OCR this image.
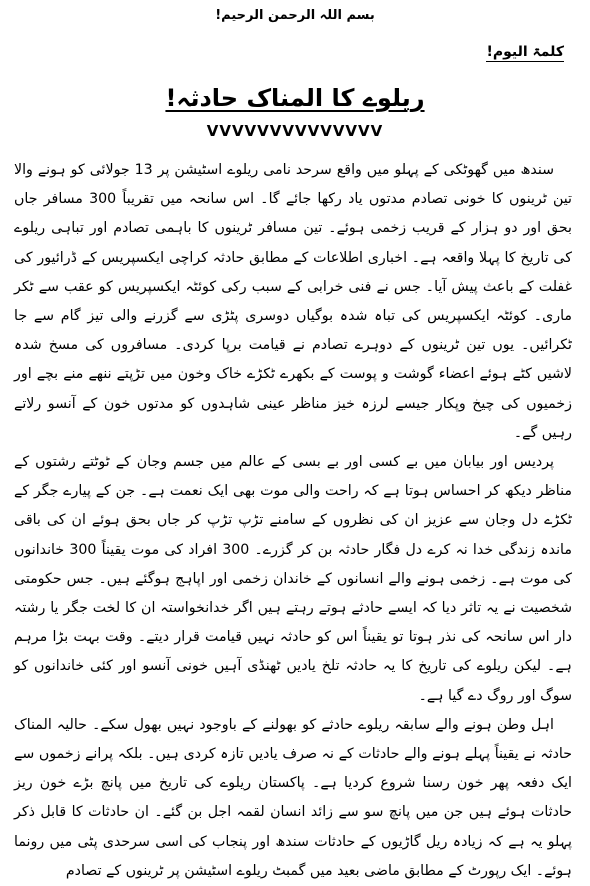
بسم اللہ الرحمن الرحیم!
کلمۃ الیوم!
ریلوے کا المناک حادثہ!
VVVVVVVVVVVVVV

سندھ میں گھوٹکی کے پہلو میں واقع سرحد نامی ریلوے اسٹیشن پر 13 جولائی کو ہونے والا تین ٹرینوں کا خونی تصادم مدتوں یاد رکھا جائے گا۔ اس سانحہ میں تقریباً 300 مسافر جاں بحق اور دو ہزار کے قریب زخمی ہوئے۔ تین مسافر ٹرینوں کا باہمی تصادم اور تباہی ریلوے کی تاریخ کا پہلا واقعہ ہے۔ اخباری اطلاعات کے مطابق حادثہ کراچی ایکسپریس کے ڈرائیور کی غفلت کے باعث پیش آیا۔ جس نے فنی خرابی کے سبب رکی کوئٹہ ایکسپریس کو عقب سے ٹکر ماری۔ کوئٹہ ایکسپریس کی تباہ شدہ بوگیاں دوسری پٹڑی سے گزرنے والی تیز گام سے جا ٹکرائیں۔ یوں تین ٹرینوں کے دوہرے تصادم نے قیامت برپا کردی۔ مسافروں کی مسخ شدہ لاشیں کٹے ہوئے اعضاء گوشت و پوست کے بکھرے ٹکڑے خاک وخون میں تڑپتے ننھے منے بچے اور زخمیوں کی چیخ وپکار جیسے لرزہ خیز مناظر عینی شاہدوں کو مدتوں خون کے آنسو رلاتے رہیں گے۔

پردیس اور بیابان میں بے کسی اور بے بسی کے عالم میں جسم وجان کے ٹوٹتے رشتوں کے مناظر دیکھ کر احساس ہوتا ہے کہ راحت والی موت بھی ایک نعمت ہے۔ جن کے پیارے جگر کے ٹکڑے دل وجان سے عزیز ان کی نظروں کے سامنے تڑپ تڑپ کر جاں بحق ہوئے ان کی باقی ماندہ زندگی خدا نہ کرے دل فگار حادثہ بن کر گزرے۔ 300 افراد کی موت یقیناً 300 خاندانوں کی موت ہے۔ زخمی ہونے والے انسانوں کے خاندان زخمی اور اپاہج ہوگئے ہیں۔ جس حکومتی شخصیت نے یہ تاثر دیا کہ ایسے حادثے ہوتے رہتے ہیں اگر خدانخواستہ ان کا لخت جگر یا رشتہ دار اس سانحہ کی نذر ہوتا تو یقیناً اس کو حادثہ نہیں قیامت قرار دیتے۔ وقت بہت بڑا مرہم ہے۔ لیکن ریلوے کی تاریخ کا یہ حادثہ تلخ یادیں ٹھنڈی آہیں خونی آنسو اور کئی خاندانوں کو سوگ اور روگ دے گیا ہے۔

اہل وطن ہونے والے سابقہ ریلوے حادثے کو بھولنے کے باوجود نہیں بھول سکے۔ حالیہ المناک حادثہ نے یقیناً پہلے ہونے والے حادثات کے نہ صرف یادیں تازہ کردی ہیں۔ بلکہ پرانے زخموں سے ایک دفعہ پھر خون رسنا شروع کردیا ہے۔ پاکستان ریلوے کی تاریخ میں پانچ بڑے خون ریز حادثات ہوئے ہیں جن میں پانچ سو سے زائد انسان لقمہ اجل بن گئے۔ ان حادثات کا قابل ذکر پہلو یہ ہے کہ زیادہ ریل گاڑیوں کے حادثات سندھ اور پنجاب کی اسی سرحدی پٹی میں رونما ہوئے۔ ایک رپورٹ کے مطابق ماضی بعید میں گمبٹ ریلوے اسٹیشن پر ٹرینوں کے تصادم
